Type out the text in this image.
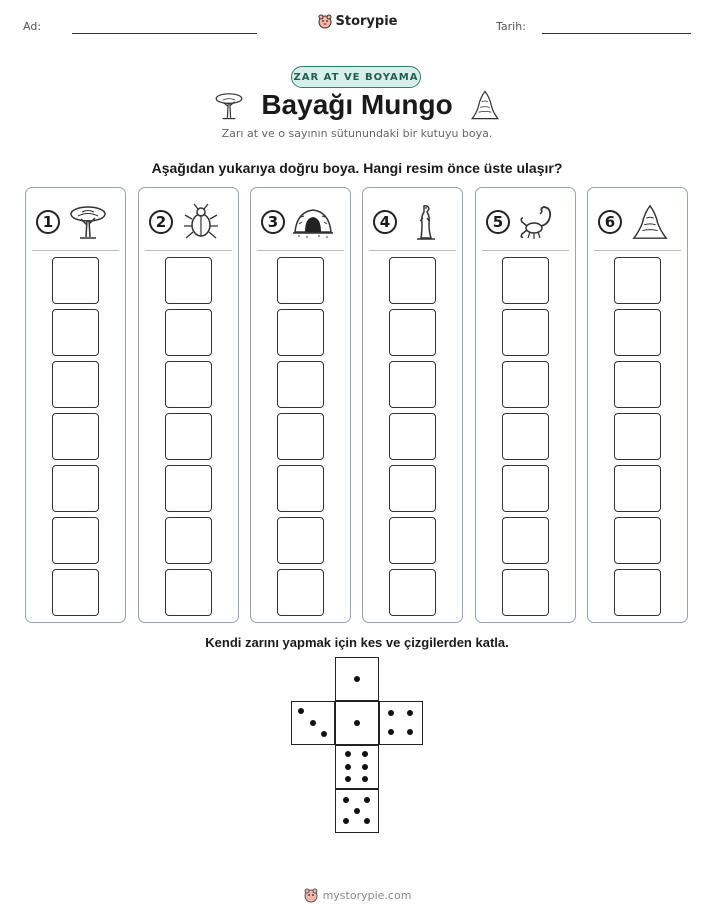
Ad:	Storypie	Tarih:
ZAR AT VE BOYAMA
Bayağı Mungo
Zarı at ve o sayının sütunundaki bir kutuyu boya.
Aşağıdan yukarıya doğru boya. Hangi resim önce üste ulaşır?
1	2	3	4	5	6
Kendi zarını yapmak için kes ve çizgilerden katla.
mystorypie.com
